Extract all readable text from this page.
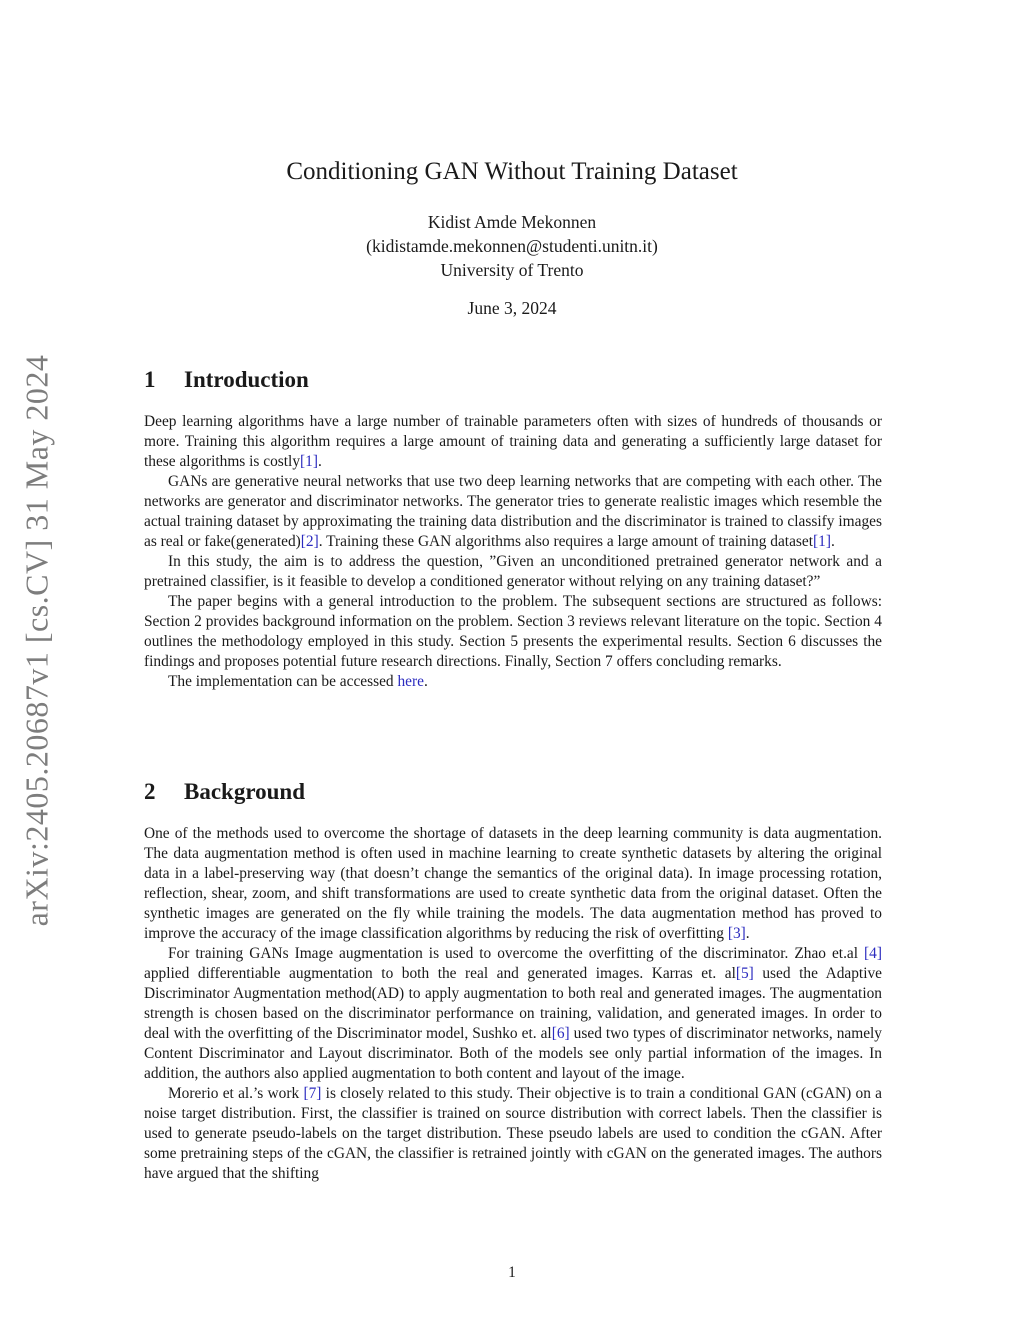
arXiv:2405.20687v1 [cs.CV] 31 May 2024
Conditioning GAN Without Training Dataset
Kidist Amde Mekonnen
(kidistamde.mekonnen@studenti.unitn.it)
University of Trento
June 3, 2024
1 Introduction

Deep learning algorithms have a large number of trainable parameters often with sizes of hundreds of thousands or more. Training this algorithm requires a large amount of training data and generating a sufficiently large dataset for these algorithms is costly[1].

GANs are generative neural networks that use two deep learning networks that are competing with each other. The networks are generator and discriminator networks. The generator tries to generate realistic images which resemble the actual training dataset by approximating the training data distribution and the discriminator is trained to classify images as real or fake(generated)[2]. Training these GAN algorithms also requires a large amount of training dataset[1].

In this study, the aim is to address the question, ”Given an unconditioned pretrained generator network and a pretrained classifier, is it feasible to develop a conditioned generator without relying on any training dataset?”

The paper begins with a general introduction to the problem. The subsequent sections are structured as follows: Section 2 provides background information on the problem. Section 3 reviews relevant literature on the topic. Section 4 outlines the methodology employed in this study. Section 5 presents the experimental results. Section 6 discusses the findings and proposes potential future research directions. Finally, Section 7 offers concluding remarks.

The implementation can be accessed here.

2 Background

One of the methods used to overcome the shortage of datasets in the deep learning community is data augmentation. The data augmentation method is often used in machine learning to create synthetic datasets by altering the original data in a label-preserving way (that doesn’t change the semantics of the original data). In image processing rotation, reflection, shear, zoom, and shift transformations are used to create synthetic data from the original dataset. Often the synthetic images are generated on the fly while training the models. The data augmentation method has proved to improve the accuracy of the image classification algorithms by reducing the risk of overfitting [3].

For training GANs Image augmentation is used to overcome the overfitting of the discriminator. Zhao et.al [4] applied differentiable augmentation to both the real and generated images. Karras et. al[5] used the Adaptive Discriminator Augmentation method(AD) to apply augmentation to both real and generated images. The augmentation strength is chosen based on the discriminator performance on training, validation, and generated images. In order to deal with the overfitting of the Discriminator model, Sushko et. al[6] used two types of discriminator networks, namely Content Discriminator and Layout discriminator. Both of the models see only partial information of the images. In addition, the authors also applied augmentation to both content and layout of the image.

Morerio et al.’s work [7] is closely related to this study. Their objective is to train a conditional GAN (cGAN) on a noise target distribution. First, the classifier is trained on source distribution with correct labels. Then the classifier is used to generate pseudo-labels on the target distribution. These pseudo labels are used to condition the cGAN. After some pretraining steps of the cGAN, the classifier is retrained jointly with cGAN on the generated images. The authors have argued that the shifting

1
